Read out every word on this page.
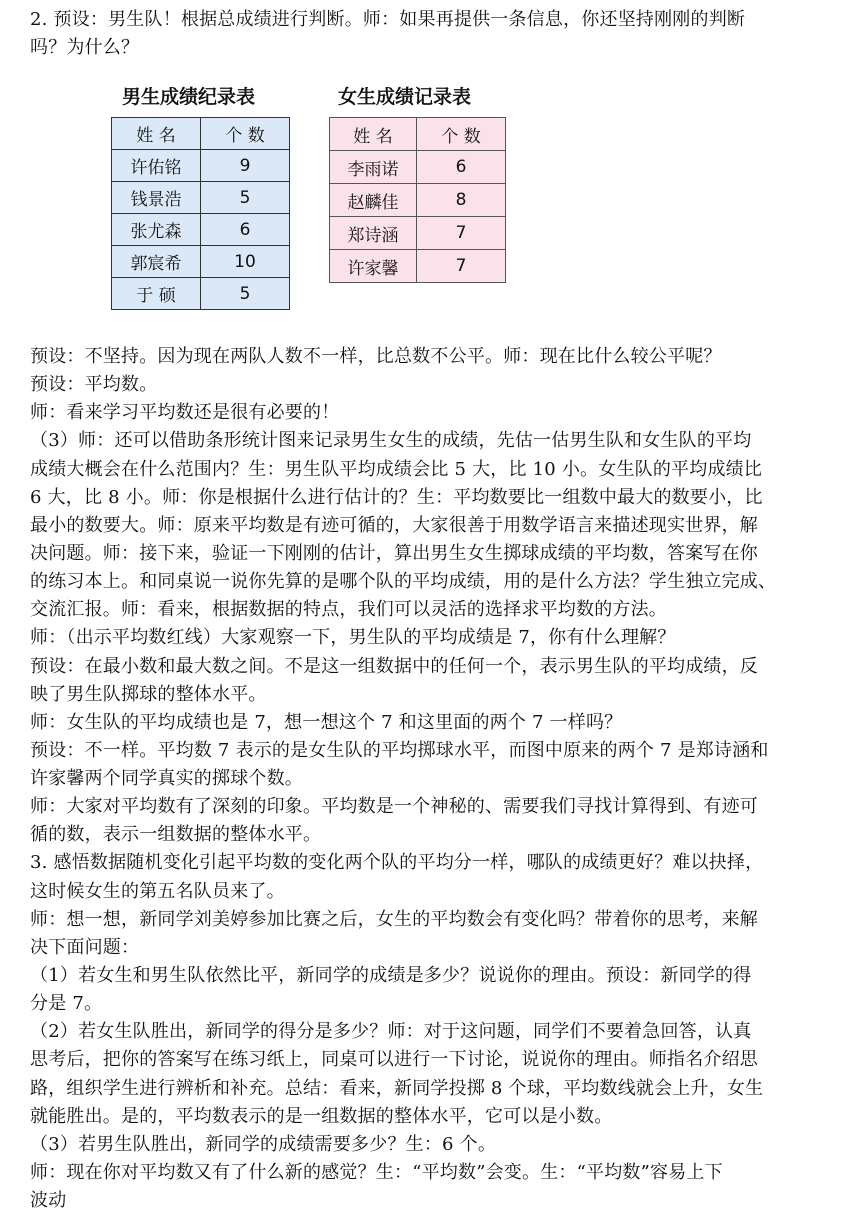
2. 预设：男生队！根据总成绩进行判断。师：如果再提供一条信息，你还坚持刚刚的判断
吗？为什么？
男生成绩纪录表
姓 名	个 数
许佑铭	9
钱景浩	5
张尤森	6
郭宸希	10
于 硕	5
女生成绩记录表
姓 名	个 数
李雨诺	6
赵麟佳	8
郑诗涵	7
许家馨	7
预设：不坚持。因为现在两队人数不一样，比总数不公平。师：现在比什么较公平呢？
预设：平均数。
师：看来学习平均数还是很有必要的！
（3）师：还可以借助条形统计图来记录男生女生的成绩，先估一估男生队和女生队的平均
成绩大概会在什么范围内？生：男生队平均成绩会比 5 大，比 10 小。女生队的平均成绩比
6 大，比 8 小。师：你是根据什么进行估计的？生：平均数要比一组数中最大的数要小，比
最小的数要大。师：原来平均数是有迹可循的，大家很善于用数学语言来描述现实世界，解
决问题。师：接下来，验证一下刚刚的估计，算出男生女生掷球成绩的平均数，答案写在你
的练习本上。和同桌说一说你先算的是哪个队的平均成绩，用的是什么方法？学生独立完成、
交流汇报。师：看来，根据数据的特点，我们可以灵活的选择求平均数的方法。
师：（出示平均数红线）大家观察一下，男生队的平均成绩是 7，你有什么理解？
预设：在最小数和最大数之间。不是这一组数据中的任何一个，表示男生队的平均成绩，反
映了男生队掷球的整体水平。
师：女生队的平均成绩也是 7，想一想这个 7 和这里面的两个 7 一样吗？
预设：不一样。平均数 7 表示的是女生队的平均掷球水平，而图中原来的两个 7 是郑诗涵和
许家馨两个同学真实的掷球个数。
师：大家对平均数有了深刻的印象。平均数是一个神秘的、需要我们寻找计算得到、有迹可
循的数，表示一组数据的整体水平。
3. 感悟数据随机变化引起平均数的变化两个队的平均分一样，哪队的成绩更好？难以抉择，
这时候女生的第五名队员来了。
师：想一想，新同学刘美婷参加比赛之后，女生的平均数会有变化吗？带着你的思考，来解
决下面问题：
（1）若女生和男生队依然比平，新同学的成绩是多少？说说你的理由。预设：新同学的得
分是 7。
（2）若女生队胜出，新同学的得分是多少？师：对于这问题，同学们不要着急回答，认真
思考后，把你的答案写在练习纸上，同桌可以进行一下讨论，说说你的理由。师指名介绍思
路，组织学生进行辨析和补充。总结：看来，新同学投掷 8 个球，平均数线就会上升，女生
就能胜出。是的，平均数表示的是一组数据的整体水平，它可以是小数。
（3）若男生队胜出，新同学的成绩需要多少？生：6 个。
师：现在你对平均数又有了什么新的感觉？生：“平均数”会变。生：“平均数”容易上下
波动
